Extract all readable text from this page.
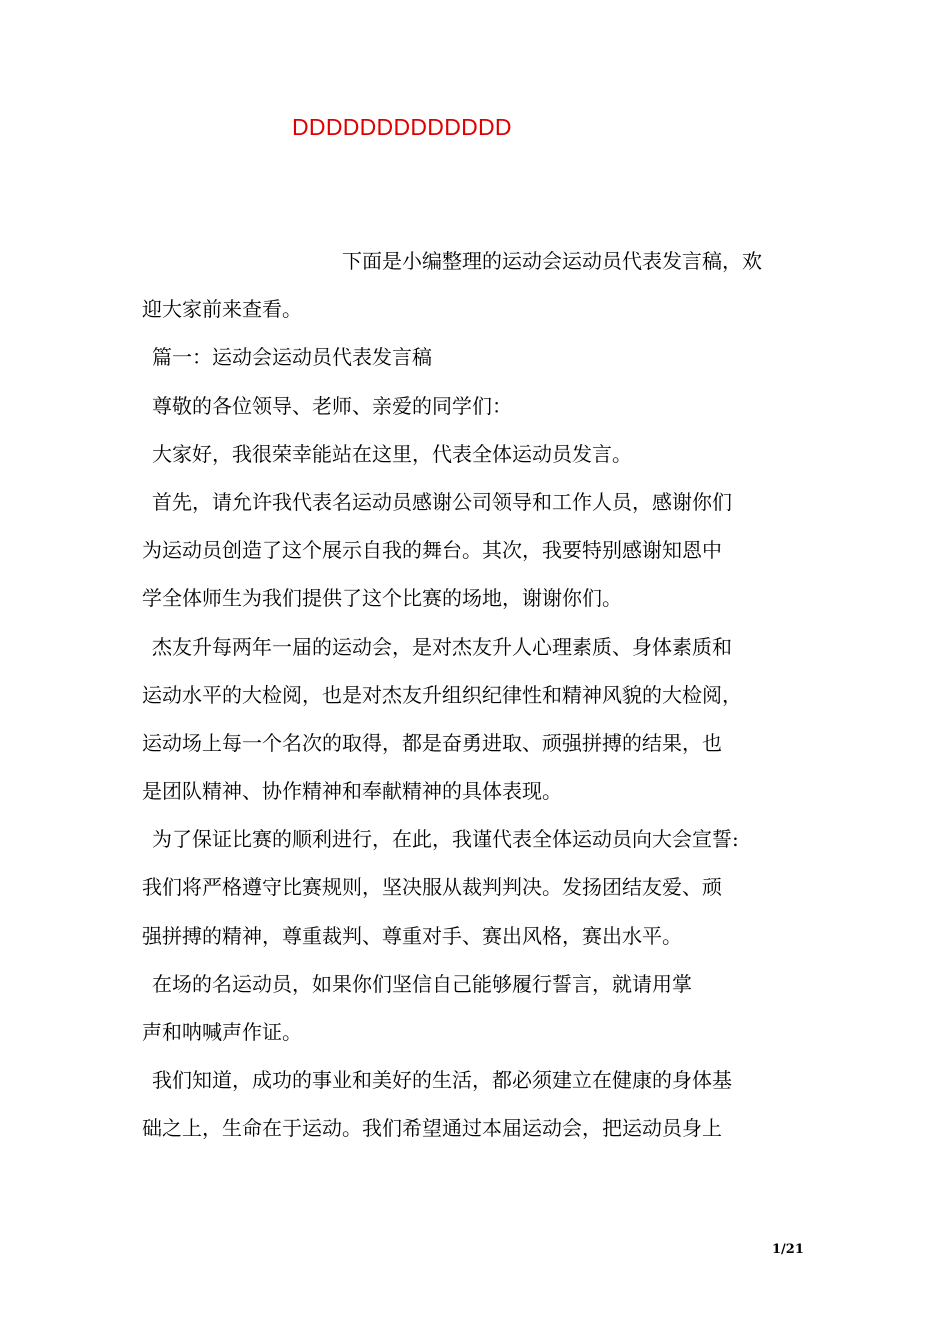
DDDDDDDDDDDDD
下面是小编整理的运动会运动员代表发言稿，欢
迎大家前来查看。
篇一：运动会运动员代表发言稿
尊敬的各位领导、老师、亲爱的同学们：
大家好，我很荣幸能站在这里，代表全体运动员发言。
首先，请允许我代表名运动员感谢公司领导和工作人员，感谢你们
为运动员创造了这个展示自我的舞台。其次，我要特别感谢知恩中
学全体师生为我们提供了这个比赛的场地，谢谢你们。
杰友升每两年一届的运动会，是对杰友升人心理素质、身体素质和
运动水平的大检阅，也是对杰友升组织纪律性和精神风貌的大检阅，
运动场上每一个名次的取得，都是奋勇进取、顽强拼搏的结果，也
是团队精神、协作精神和奉献精神的具体表现。
为了保证比赛的顺利进行，在此，我谨代表全体运动员向大会宣誓:
我们将严格遵守比赛规则，坚决服从裁判判决。发扬团结友爱、顽
强拼搏的精神，尊重裁判、尊重对手、赛出风格，赛出水平。
在场的名运动员，如果你们坚信自己能够履行誓言，就请用掌
声和呐喊声作证。
我们知道，成功的事业和美好的生活，都必须建立在健康的身体基
础之上，生命在于运动。我们希望通过本届运动会，把运动员身上
1/21
